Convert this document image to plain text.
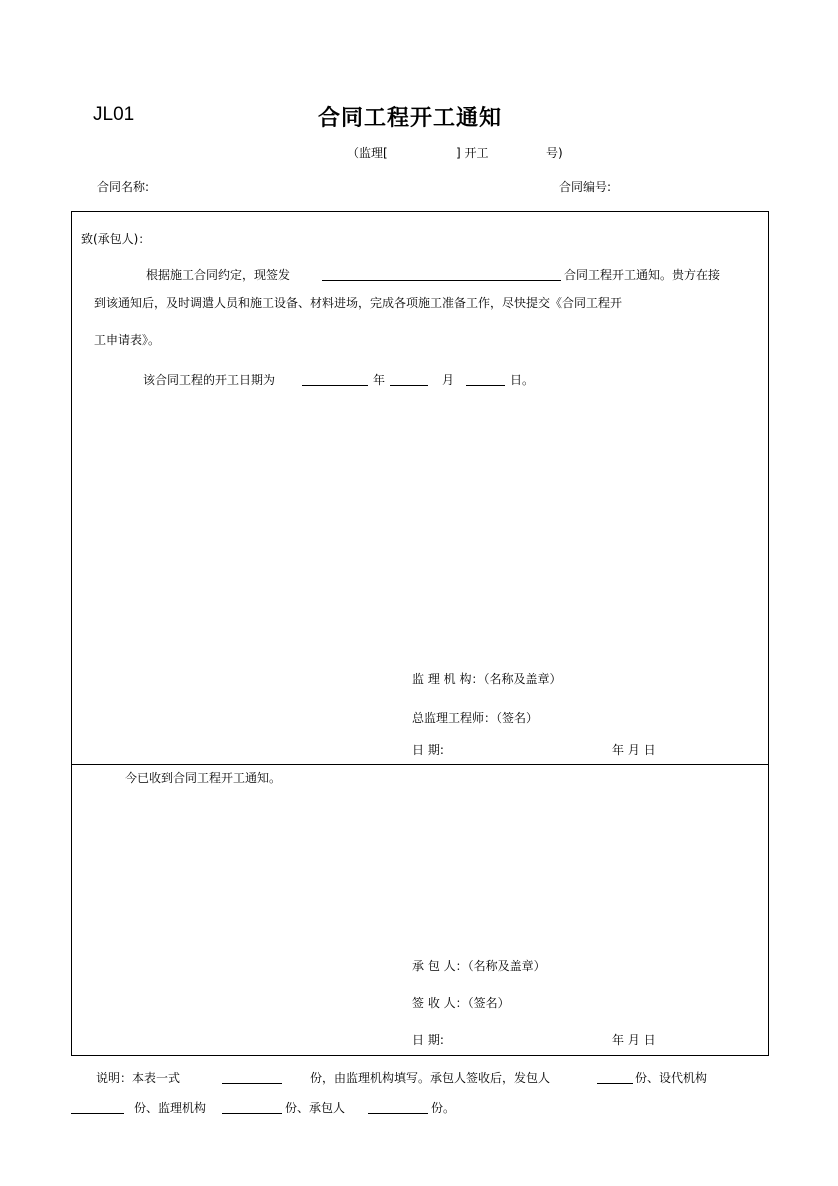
JL01	合同工程开工通知
（监理[	] 开工	号)
合同名称:	合同编号:
致(承包人)：
根据施工合同约定，现签发	合同工程开工通知。贵方在接
到该通知后，及时调遣人员和施工设备、材料进场，完成各项施工准备工作，尽快提交《合同工程开
工申请表》。
该合同工程的开工日期为	年	月	日。
监 理 机 构：（名称及盖章）
总监理工程师：（签名）
日 期:	年 月 日
今已收到合同工程开工通知。
承 包 人：（名称及盖章）
签 收 人：（签名）
日 期:	年 月 日
说明：本表一式	份，由监理机构填写。承包人签收后，发包人	份、设代机构
份、监理机构	份、承包人	份。
